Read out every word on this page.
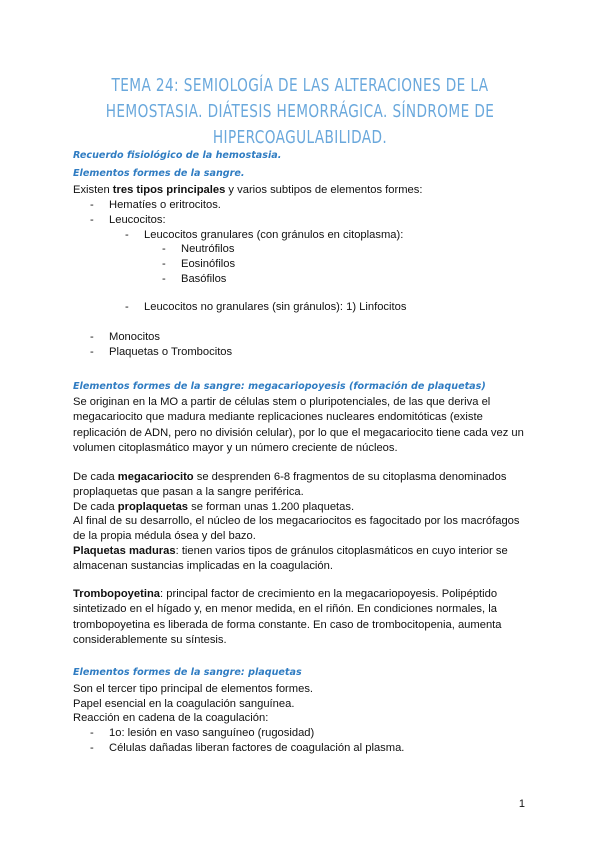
TEMA 24: SEMIOLOGÍA DE LAS ALTERACIONES DE LA HEMOSTASIA. DIÁTESIS HEMORRÁGICA. SÍNDROME DE HIPERCOAGULABILIDAD.
Recuerdo fisiológico de la hemostasia.
Elementos formes de la sangre.
Existen tres tipos principales y varios subtipos de elementos formes:
- Hematíes o eritrocitos.
- Leucocitos:
- Leucocitos granulares (con gránulos en citoplasma):
- Neutrófilos
- Eosinófilos
- Basófilos
- Leucocitos no granulares (sin gránulos): 1) Linfocitos
- Monocitos
- Plaquetas o Trombocitos
Elementos formes de la sangre: megacariopoyesis (formación de plaquetas)
Se originan en la MO a partir de células stem o pluripotenciales, de las que deriva el megacariocito que madura mediante replicaciones nucleares endomitóticas (existe replicación de ADN, pero no división celular), por lo que el megacariocito tiene cada vez un volumen citoplasmático mayor y un número creciente de núcleos.
De cada megacariocito se desprenden 6-8 fragmentos de su citoplasma denominados proplaquetas que pasan a la sangre periférica.
De cada proplaquetas se forman unas 1.200 plaquetas.
Al final de su desarrollo, el núcleo de los megacariocitos es fagocitado por los macrófagos de la propia médula ósea y del bazo.
Plaquetas maduras: tienen varios tipos de gránulos citoplasmáticos en cuyo interior se almacenan sustancias implicadas en la coagulación.
Trombopoyetina: principal factor de crecimiento en la megacariopoyesis. Polipéptido sintetizado en el hígado y, en menor medida, en el riñón. En condiciones normales, la trombopoyetina es liberada de forma constante. En caso de trombocitopenia, aumenta considerablemente su síntesis.
Elementos formes de la sangre: plaquetas
Son el tercer tipo principal de elementos formes.
Papel esencial en la coagulación sanguínea.
Reacción en cadena de la coagulación:
- 1o: lesión en vaso sanguíneo (rugosidad)
- Células dañadas liberan factores de coagulación al plasma.
1
